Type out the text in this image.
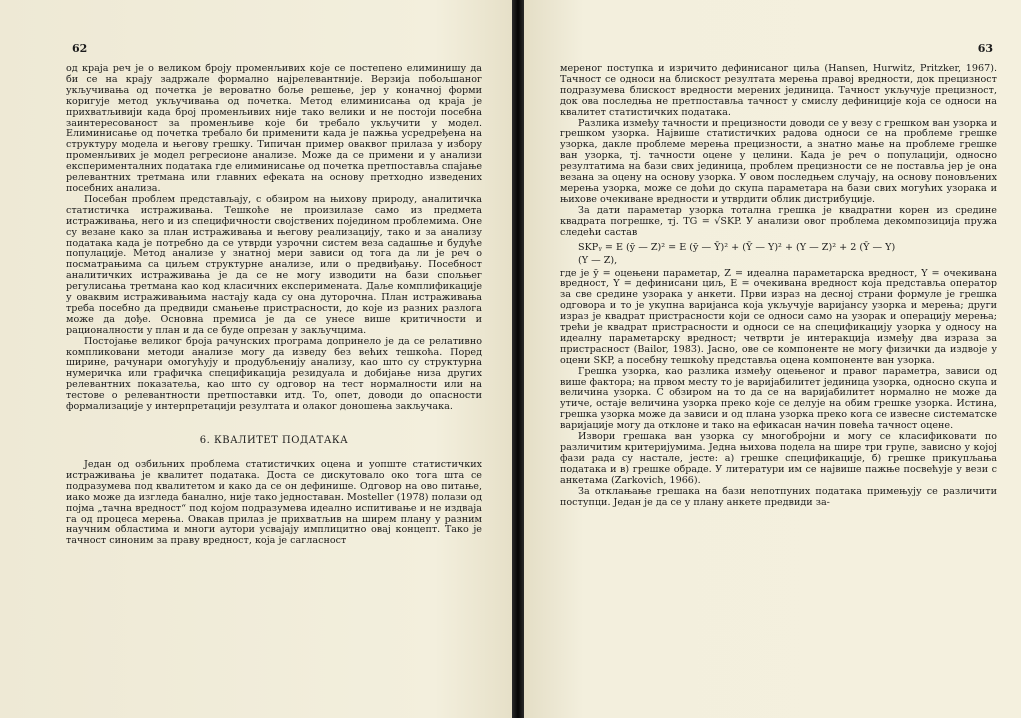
62

од краја реч је о великом броју променљивих које се постепено елиминишу да би се на крају задржале формално најрелевантније. Верзија побољшаног укључивања од почетка је вероватно боље решење, јер у коначној форми коригује метод укључивања од почетка. Метод елиминисања од краја је прихватљивији када број променљивих није тако велики и не постоји посебна заинтересованост за променљиве које би требало укључити у модел. Елиминисање од почетка требало би применити када је пажња усредређена на структуру модела и његову грешку. Типичан пример оваквог прилаза у избору променљивих је модел регресионе анализе. Може да се примени и у анализи експерименталних података где елиминисање од почетка претпоставља спајање релевантних третмана или главних ефеката на основу претходно изведених посебних анализа.

Посебан проблем представљају, с обзиром на њихову природу, аналитичка статистичка истраживања. Тешкоће не произилазе само из предмета истраживања, него и из специфичности својствених поједином проблемима. Оне су везане како за план истраживања и његову реализацију, тако и за анализу података када је потребно да се утврди узрочни систем веза садашње и будуће популације. Метод анализе у знатној мери зависи од тога да ли је реч о посматрањима са циљем структурне анализе, или о предвиђању. Посебност аналитичких истраживања је да се не могу изводити на бази спољњег регулисања третмана као код класичних експеримената. Даље комплификације у оваквим истраживањима настају када су она дуторочна. План истраживања треба посебно да предвиди смањење пристрасности, до које из разних разлога може да дође. Основна премиса је да се унесе више критичности и рационалности у план и да се буде опрезан у закључцима.

Постојање великог броја рачунских програма допринело је да се релативно компликовани методи анализе могу да изведу без већих тешкоћа. Поред ширине, рачунари омогућују и продубљенију анализу, као што су структурна нумеричка или графичка спецификација резидуала и добијање низа других релевантних показатеља, као што су одговор на тест нормалности или на тестове о релевантности претпоставки итд. То, опет, доводи до опасности формализације у интерпретацији резултата и олаког доношења закључака.

6. КВАЛИТЕТ ПОДАТАКА

Један од озбиљних проблема статистичких оцена и уопште статистичких истраживања је квалитет података. Доста се дискутовало око тога шта се подразумева под квалитетом и како да се он дефинише. Одговор на ово питање, иако може да изгледа банално, није тако једноставан. Mosteller (1978) полази од појма „тачна вредност“ под којом подразумева идеално испитивање и не издваја га од процеса мерења. Овакав прилаз је прихватљив на ширем плану у разним научним областима и многи аутори усвајају имплицитно овај концепт. Тако је тачност синоним за праву вредност, која је сагласност

63

мереног поступка и изричито дефинисаног циља (Hansen, Hurwitz, Pritzker, 1967). Тачност се односи на блискост резултата мерења правој вредности, док прецизност подразумева блискост вредности мерених јединица. Тачност укључује прецизност, док ова последња не претпоставља тачност у смислу дефиниције која се односи на квалитет статистичких података.

Разлика између тачности и прецизности доводи се у везу с грешком ван узорка и грешком узорка. Највише статистичких радова односи се на проблеме грешке узорка, дакле проблеме мерења прецизности, а знатно мање на проблеме грешке ван узорка, тј. тачности оцене у целини. Када је реч о популацији, односно резултатима на бази свих јединица, проблем прецизности се не поставља јер је она везана за оцену на основу узорка. У овом последњем случају, на основу поновљених мерења узорка, може се доћи до скупа параметара на бази свих могућих узорака и њихове очекиване вредности и утврдити облик дистрибуције.

За дати параметар узорка тотална грешка је квадратни корен из средине квадрата погрешке, тј. TG = √SKP. У анализи овог проблема декомпозиција пружа следећи састав

SKPᵧ = E (ȳ — Z)² = E (ȳ — Ȳ)² + (Ȳ — Y)² + (Y — Z)² + 2 (Ȳ — Y)
(Y — Z),

где је ȳ = оцењени параметар, Z = идеална параметарска вредност, Y = очекивана вредност, Y = дефинисани циљ, E = очекивана вредност која представља оператор за све средине узорака у анкети. Први израз на десној страни формуле је грешка одговора и то је укупна варијанса која укључује варијансу узорка и мерења; други израз је квадрат пристрасности који се односи само на узорак и операцију мерења; трећи је квадрат пристрасности и односи се на спецификацију узорка у односу на идеалну параметарску вредност; четврти је интеракција између два израза за пристрасност (Bailor, 1983). Јасно, ове се компоненте не могу физички да издвоје у оцени SKP, а посебну тешкоћу представља оцена компоненте ван узорка.

Грешка узорка, као разлика између оцењеног и правог параметра, зависи од више фактора; на првом месту то је варијабилитет јединица узорка, односно скупа и величина узорка. С обзиром на то да се на варијабилитет нормално не може да утиче, остаје величина узорка преко које се делује на обим грешке узорка. Истина, грешка узорка може да зависи и од плана узорка преко кога се извесне систематске варијације могу да отклоне и тако на ефикасан начин повећа тачност оцене.

Извори грешака ван узорка су многобројни и могу се класификовати по различитим критеријумима. Једна њихова подела на шире три групе, зависно у којој фази рада су настале, јесте: а) грешке спецификације, б) грешке прикупљања података и в) грешке обраде. У литератури им се највише пажње посвећује у вези с анкетама (Zarkovich, 1966).

За отклањање грешака на бази непотпуних података примењују се различити поступци. Један је да се у плану анкете предвиди за-
